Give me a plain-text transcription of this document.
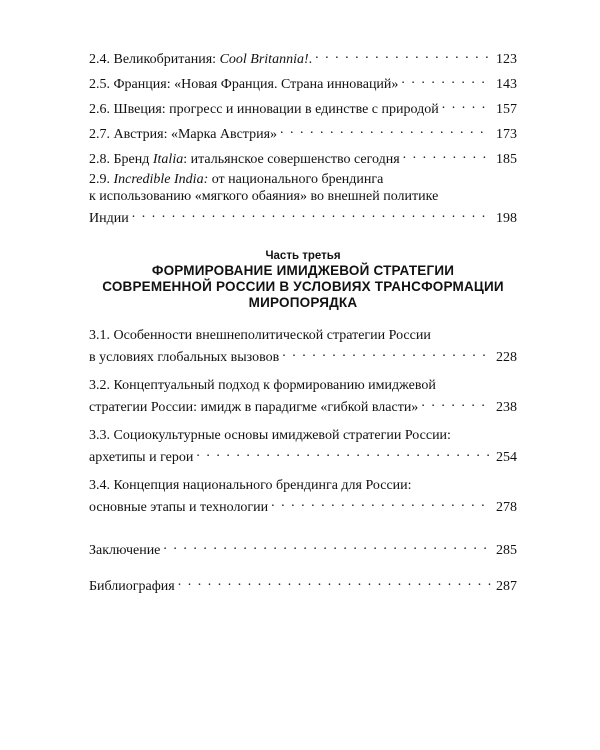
2.4. Великобритания: Cool Britannia!. . . .	123
2.5. Франция: «Новая Франция. Страна инноваций» . . .	143
2.6. Швеция: прогресс и инновации в единстве с природой . . .	157
2.7. Австрия: «Марка Австрия» . . .	173
2.8. Бренд Italia: итальянское совершенство сегодня . . .	185
2.9. Incredible India: от национального брендинга
к использованию «мягкого обаяния» во внешней политике
Индии . . .	198
Часть третья
ФОРМИРОВАНИЕ ИМИДЖЕВОЙ СТРАТЕГИИ
СОВРЕМЕННОЙ РОССИИ В УСЛОВИЯХ ТРАНСФОРМАЦИИ
МИРОПОРЯДКА
3.1. Особенности внешнеполитической стратегии России
в условиях глобальных вызовов . . .	228
3.2. Концептуальный подход к формированию имиджевой
стратегии России: имидж в парадигме «гибкой власти» . . .	238
3.3. Социокультурные основы имиджевой стратегии России:
архетипы и герои . . .	254
3.4. Концепция национального брендинга для России:
основные этапы и технологии . . .	278
Заключение . . .	285
Библиография . . .	287
